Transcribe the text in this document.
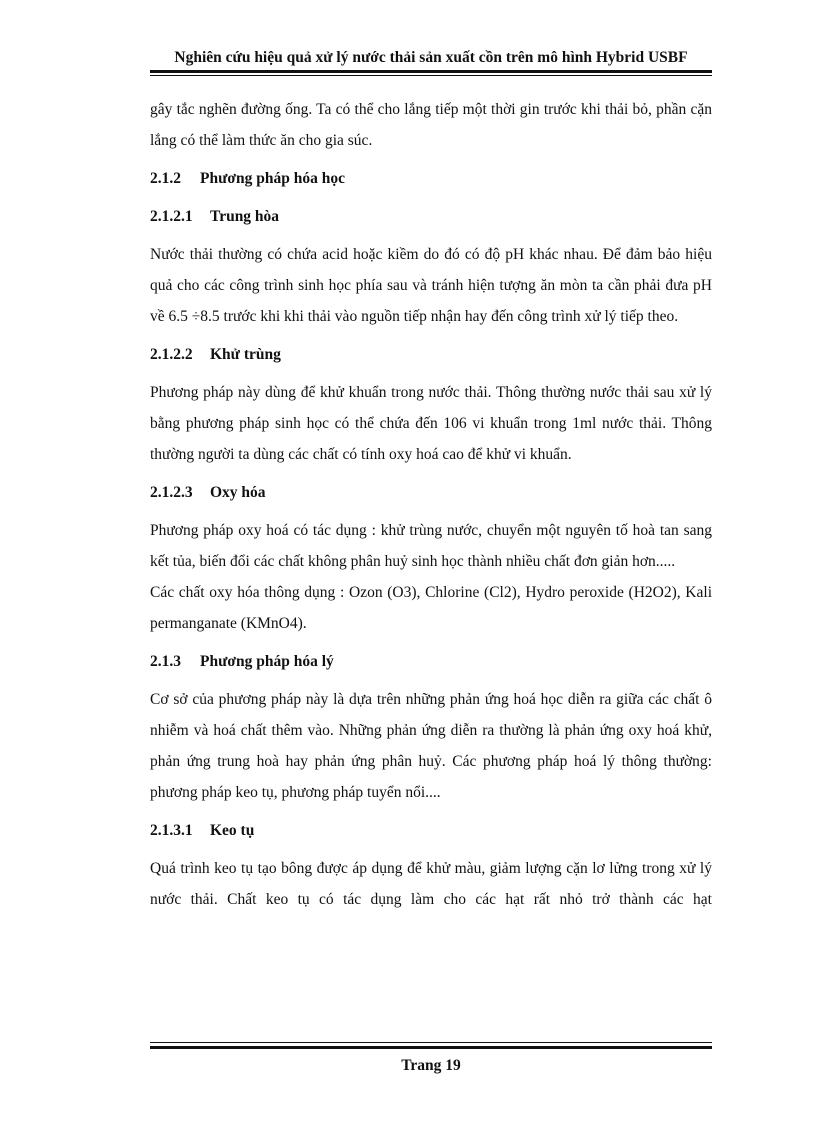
Nghiên cứu hiệu quả xử lý nước thải sản xuất cồn trên mô hình Hybrid USBF

gây tắc nghẽn đường ống. Ta có thể cho lắng tiếp một thời gin trước khi thải bỏ, phần cặn lắng có thể làm thức ăn cho gia súc.

2.1.2 Phương pháp hóa học
2.1.2.1 Trung hòa

Nước thải thường có chứa acid hoặc kiềm do đó có độ pH khác nhau. Để đảm bảo hiệu quả cho các công trình sinh học phía sau và tránh hiện tượng ăn mòn ta cần phải đưa pH về 6.5 ÷8.5 trước khi khi thải vào nguồn tiếp nhận hay đến công trình xử lý tiếp theo.

2.1.2.2 Khử trùng

Phương pháp này dùng để khử khuẩn trong nước thải. Thông thường nước thải sau xử lý bằng phương pháp sinh học có thể chứa đến 106 vi khuẩn trong 1ml nước thải. Thông thường người ta dùng các chất có tính oxy hoá cao để khử vi khuẩn.

2.1.2.3 Oxy hóa

Phương pháp oxy hoá có tác dụng : khử trùng nước, chuyển một nguyên tố hoà tan sang kết tủa, biến đổi các chất không phân huỷ sinh học thành nhiều chất đơn giản hơn.....

Các chất oxy hóa thông dụng : Ozon (O3), Chlorine (Cl2), Hydro peroxide (H2O2), Kali permanganate (KMnO4).

2.1.3 Phương pháp hóa lý

Cơ sở của phương pháp này là dựa trên những phản ứng hoá học diễn ra giữa các chất ô nhiễm và hoá chất thêm vào. Những phản ứng diễn ra thường là phản ứng oxy hoá khử, phản ứng trung hoà hay phản ứng phân huỷ. Các phương pháp hoá lý thông thường: phương pháp keo tụ, phương pháp tuyển nổi....

2.1.3.1 Keo tụ

Quá trình keo tụ tạo bông được áp dụng để khử màu, giảm lượng cặn lơ lửng trong xử lý nước thải. Chất keo tụ có tác dụng làm cho các hạt rất nhỏ trở thành các hạt

Trang 19
